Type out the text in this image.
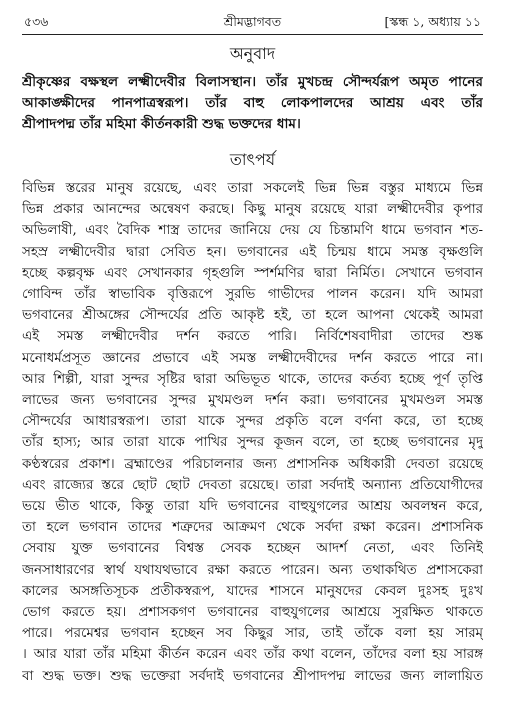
৫৩৬	শ্রীমদ্ভাগবত	[স্কন্ধ ১, অধ্যায় ১১
অনুবাদ
শ্রীকৃষ্ণের বক্ষস্থল লক্ষ্মীদেবীর বিলাসস্থান। তাঁর মুখচন্দ্র সৌন্দর্যরূপ অমৃত পানের
আকাঙ্ক্ষীদের পানপাত্রস্বরূপ। তাঁর বাহু লোকপালদের আশ্রয় এবং তাঁর
শ্রীপাদপদ্ম তাঁর মহিমা কীর্তনকারী শুদ্ধ ভক্তদের ধাম।
তাৎপর্য
বিভিন্ন স্তরের মানুষ রয়েছে, এবং তারা সকলেই ভিন্ন ভিন্ন বস্তুর মাধ্যমে ভিন্ন
ভিন্ন প্রকার আনন্দের অন্বেষণ করছে। কিছু মানুষ রয়েছে যারা লক্ষ্মীদেবীর কৃপার
অভিলাষী, এবং বৈদিক শাস্ত্র তাদের জানিয়ে দেয় যে চিন্তামণি ধামে ভগবান শত-
সহস্র লক্ষ্মীদেবীর দ্বারা সেবিত হন। ভগবানের এই চিন্ময় ধামে সমস্ত বৃক্ষগুলি
হচ্ছে কল্পবৃক্ষ এবং সেখানকার গৃহগুলি স্পর্শমণির দ্বারা নির্মিত। সেখানে ভগবান
গোবিন্দ তাঁর স্বাভাবিক বৃত্তিরূপে সুরভি গাভীদের পালন করেন। যদি আমরা
ভগবানের শ্রীঅঙ্গের সৌন্দর্যের প্রতি আকৃষ্ট হই, তা হলে আপনা থেকেই আমরা
এই সমস্ত লক্ষ্মীদেবীর দর্শন করতে পারি। নির্বিশেষবাদীরা তাদের শুষ্ক
মনোধর্মপ্রসূত জ্ঞানের প্রভাবে এই সমস্ত লক্ষ্মীদেবীদের দর্শন করতে পারে না।
আর শিল্পী, যারা সুন্দর সৃষ্টির দ্বারা অভিভূত থাকে, তাদের কর্তব্য হচ্ছে পূর্ণ তৃপ্তি
লাভের জন্য ভগবানের সুন্দর মুখমণ্ডল দর্শন করা। ভগবানের মুখমণ্ডল সমস্ত
সৌন্দর্যের আধারস্বরূপ। তারা যাকে সুন্দর প্রকৃতি বলে বর্ণনা করে, তা হচ্ছে
তাঁর হাস্য; আর তারা যাকে পাখির সুন্দর কূজন বলে, তা হচ্ছে ভগবানের মৃদু
কণ্ঠস্বরের প্রকাশ। ব্রহ্মাণ্ডের পরিচালনার জন্য প্রশাসনিক অধিকারী দেবতা রয়েছে
এবং রাজ্যের স্তরে ছোট ছোট দেবতা রয়েছে। তারা সর্বদাই অন্যান্য প্রতিযোগীদের
ভয়ে ভীত থাকে, কিন্তু তারা যদি ভগবানের বাহুযুগলের আশ্রয় অবলম্বন করে,
তা হলে ভগবান তাদের শত্রুদের আক্রমণ থেকে সর্বদা রক্ষা করেন। প্রশাসনিক
সেবায় যুক্ত ভগবানের বিশ্বস্ত সেবক হচ্ছেন আদর্শ নেতা, এবং তিনিই
জনসাধারণের স্বার্থ যথাযথভাবে রক্ষা করতে পারেন। অন্য তথাকথিত প্রশাসকেরা
কালের অসঙ্গতিসূচক প্রতীকস্বরূপ, যাদের শাসনে মানুষদের কেবল দুঃসহ দুঃখ
ভোগ করতে হয়। প্রশাসকগণ ভগবানের বাহুযুগলের আশ্রয়ে সুরক্ষিত থাকতে
পারে। পরমেশ্বর ভগবান হচ্ছেন সব কিছুর সার, তাই তাঁকে বলা হয় সারম্
। আর যারা তাঁর মহিমা কীর্তন করেন এবং তাঁর কথা বলেন, তাঁদের বলা হয় সারঙ্গ
বা শুদ্ধ ভক্ত। শুদ্ধ ভক্তেরা সর্বদাই ভগবানের শ্রীপাদপদ্ম লাভের জন্য লালায়িত
